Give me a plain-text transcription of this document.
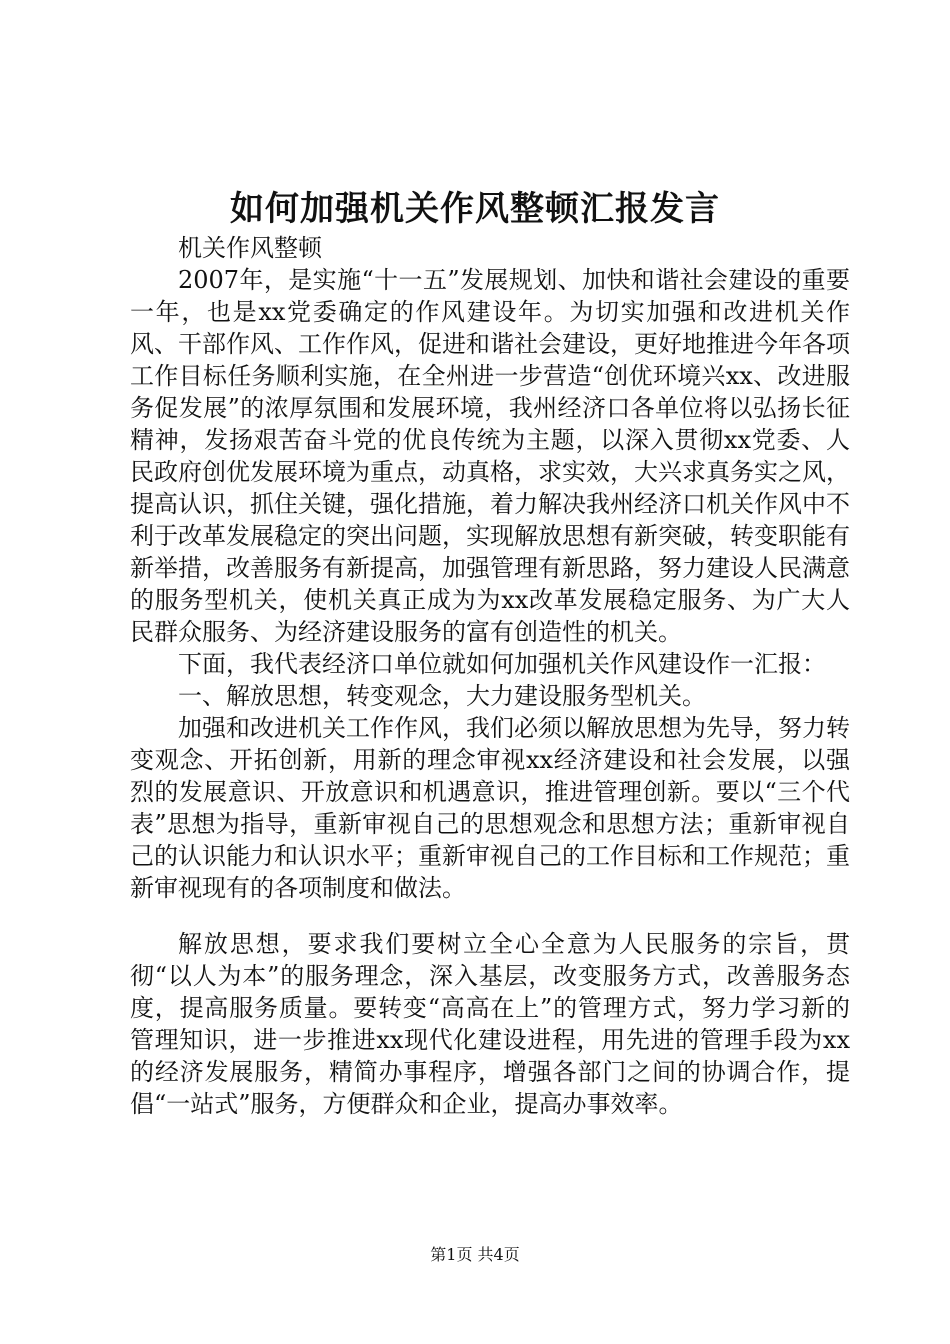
如何加强机关作风整顿汇报发言

机关作风整顿

2007年，是实施“十一五”发展规划、加快和谐社会建设的重要一年，也是xx党委确定的作风建设年。为切实加强和改进机关作风、干部作风、工作作风，促进和谐社会建设，更好地推进今年各项工作目标任务顺利实施，在全州进一步营造“创优环境兴xx、改进服务促发展”的浓厚氛围和发展环境，我州经济口各单位将以弘扬长征精神，发扬艰苦奋斗党的优良传统为主题，以深入贯彻xx党委、人民政府创优发展环境为重点，动真格，求实效，大兴求真务实之风，提高认识，抓住关键，强化措施，着力解决我州经济口机关作风中不利于改革发展稳定的突出问题，实现解放思想有新突破，转变职能有新举措，改善服务有新提高，加强管理有新思路，努力建设人民满意的服务型机关，使机关真正成为为xx改革发展稳定服务、为广大人民群众服务、为经济建设服务的富有创造性的机关。

下面，我代表经济口单位就如何加强机关作风建设作一汇报：

一、解放思想，转变观念，大力建设服务型机关。

加强和改进机关工作作风，我们必须以解放思想为先导，努力转变观念、开拓创新，用新的理念审视xx经济建设和社会发展，以强烈的发展意识、开放意识和机遇意识，推进管理创新。要以“三个代表”思想为指导，重新审视自己的思想观念和思想方法；重新审视自己的认识能力和认识水平；重新审视自己的工作目标和工作规范；重新审视现有的各项制度和做法。

解放思想，要求我们要树立全心全意为人民服务的宗旨，贯彻“以人为本”的服务理念，深入基层，改变服务方式，改善服务态度，提高服务质量。要转变“高高在上”的管理方式，努力学习新的管理知识，进一步推进xx现代化建设进程，用先进的管理手段为xx的经济发展服务，精简办事程序，增强各部门之间的协调合作，提倡“一站式”服务，方便群众和企业，提高办事效率。

第1页 共4页
